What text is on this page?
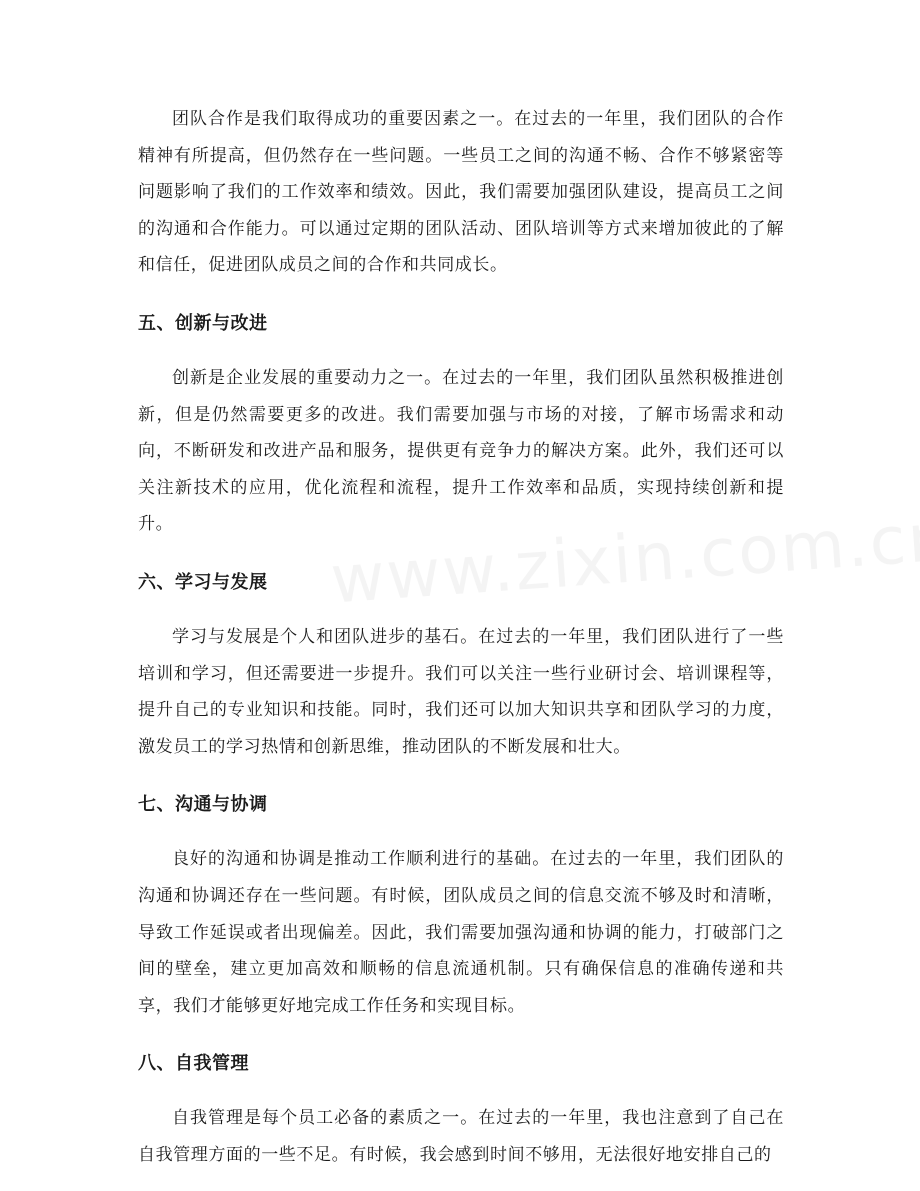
团队合作是我们取得成功的重要因素之一。在过去的一年里，我们团队的合作精神有所提高，但仍然存在一些问题。一些员工之间的沟通不畅、合作不够紧密等问题影响了我们的工作效率和绩效。因此，我们需要加强团队建设，提高员工之间的沟通和合作能力。可以通过定期的团队活动、团队培训等方式来增加彼此的了解和信任，促进团队成员之间的合作和共同成长。

五、创新与改进

创新是企业发展的重要动力之一。在过去的一年里，我们团队虽然积极推进创新，但是仍然需要更多的改进。我们需要加强与市场的对接，了解市场需求和动向，不断研发和改进产品和服务，提供更有竞争力的解决方案。此外，我们还可以关注新技术的应用，优化流程和流程，提升工作效率和品质，实现持续创新和提升。

六、学习与发展

学习与发展是个人和团队进步的基石。在过去的一年里，我们团队进行了一些培训和学习，但还需要进一步提升。我们可以关注一些行业研讨会、培训课程等，提升自己的专业知识和技能。同时，我们还可以加大知识共享和团队学习的力度，激发员工的学习热情和创新思维，推动团队的不断发展和壮大。

七、沟通与协调

良好的沟通和协调是推动工作顺利进行的基础。在过去的一年里，我们团队的沟通和协调还存在一些问题。有时候，团队成员之间的信息交流不够及时和清晰，导致工作延误或者出现偏差。因此，我们需要加强沟通和协调的能力，打破部门之间的壁垒，建立更加高效和顺畅的信息流通机制。只有确保信息的准确传递和共享，我们才能够更好地完成工作任务和实现目标。

八、自我管理

自我管理是每个员工必备的素质之一。在过去的一年里，我也注意到了自己在自我管理方面的一些不足。有时候，我会感到时间不够用，无法很好地安排自己的
